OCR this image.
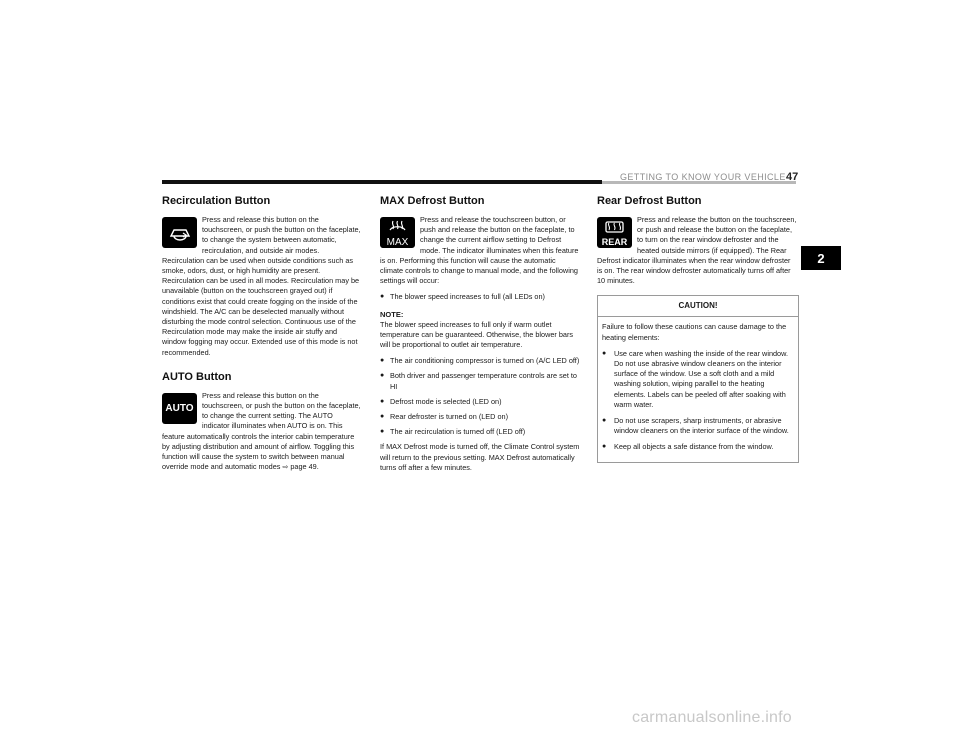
GETTING TO KNOW YOUR VEHICLE 47
2
Recirculation Button

Press and release this button on the touchscreen, or push the button on the faceplate, to change the system between automatic, recirculation, and outside air modes. Recirculation can be used when outside conditions such as smoke, odors, dust, or high humidity are present. Recirculation can be used in all modes. Recirculation may be unavailable (button on the touchscreen grayed out) if conditions exist that could create fogging on the inside of the windshield. The A/C can be deselected manually without disturbing the mode control selection. Continuous use of the Recirculation mode may make the inside air stuffy and window fogging may occur. Extended use of this mode is not recommended.

AUTO Button
AUTO

Press and release this button on the touchscreen, or push the button on the faceplate, to change the current setting. The AUTO indicator illuminates when AUTO is on. This feature automatically controls the interior cabin temperature by adjusting distribution and amount of airflow. Toggling this function will cause the system to switch between manual override mode and automatic modes ⇨ page 49.

MAX Defrost Button
MAX

Press and release the touchscreen button, or push and release the button on the faceplate, to change the current airflow setting to Defrost mode. The indicator illuminates when this feature is on. Performing this function will cause the automatic climate controls to change to manual mode, and the following settings will occur:

● The blower speed increases to full (all LEDs on)
NOTE:

The blower speed increases to full only if warm outlet temperature can be guaranteed. Otherwise, the blower bars will be proportional to outlet air temperature.

● The air conditioning compressor is turned on (A/C LED off)
● Both driver and passenger temperature controls are set to HI
● Defrost mode is selected (LED on)
● Rear defroster is turned on (LED on)
● The air recirculation is turned off (LED off)

If MAX Defrost mode is turned off, the Climate Control system will return to the previous setting. MAX Defrost automatically turns off after a few minutes.

Rear Defrost Button
REAR

Press and release the button on the touchscreen, or push and release the button on the faceplate, to turn on the rear window defroster and the heated outside mirrors (if equipped). The Rear Defrost indicator illuminates when the rear window defroster is on. The rear window defroster automatically turns off after 10 minutes.

CAUTION!

Failure to follow these cautions can cause damage to the heating elements:

● Use care when washing the inside of the rear window. Do not use abrasive window cleaners on the interior surface of the window. Use a soft cloth and a mild washing solution, wiping parallel to the heating elements. Labels can be peeled off after soaking with warm water.
● Do not use scrapers, sharp instruments, or abrasive window cleaners on the interior surface of the window.
● Keep all objects a safe distance from the window.
carmanualsonline.info
